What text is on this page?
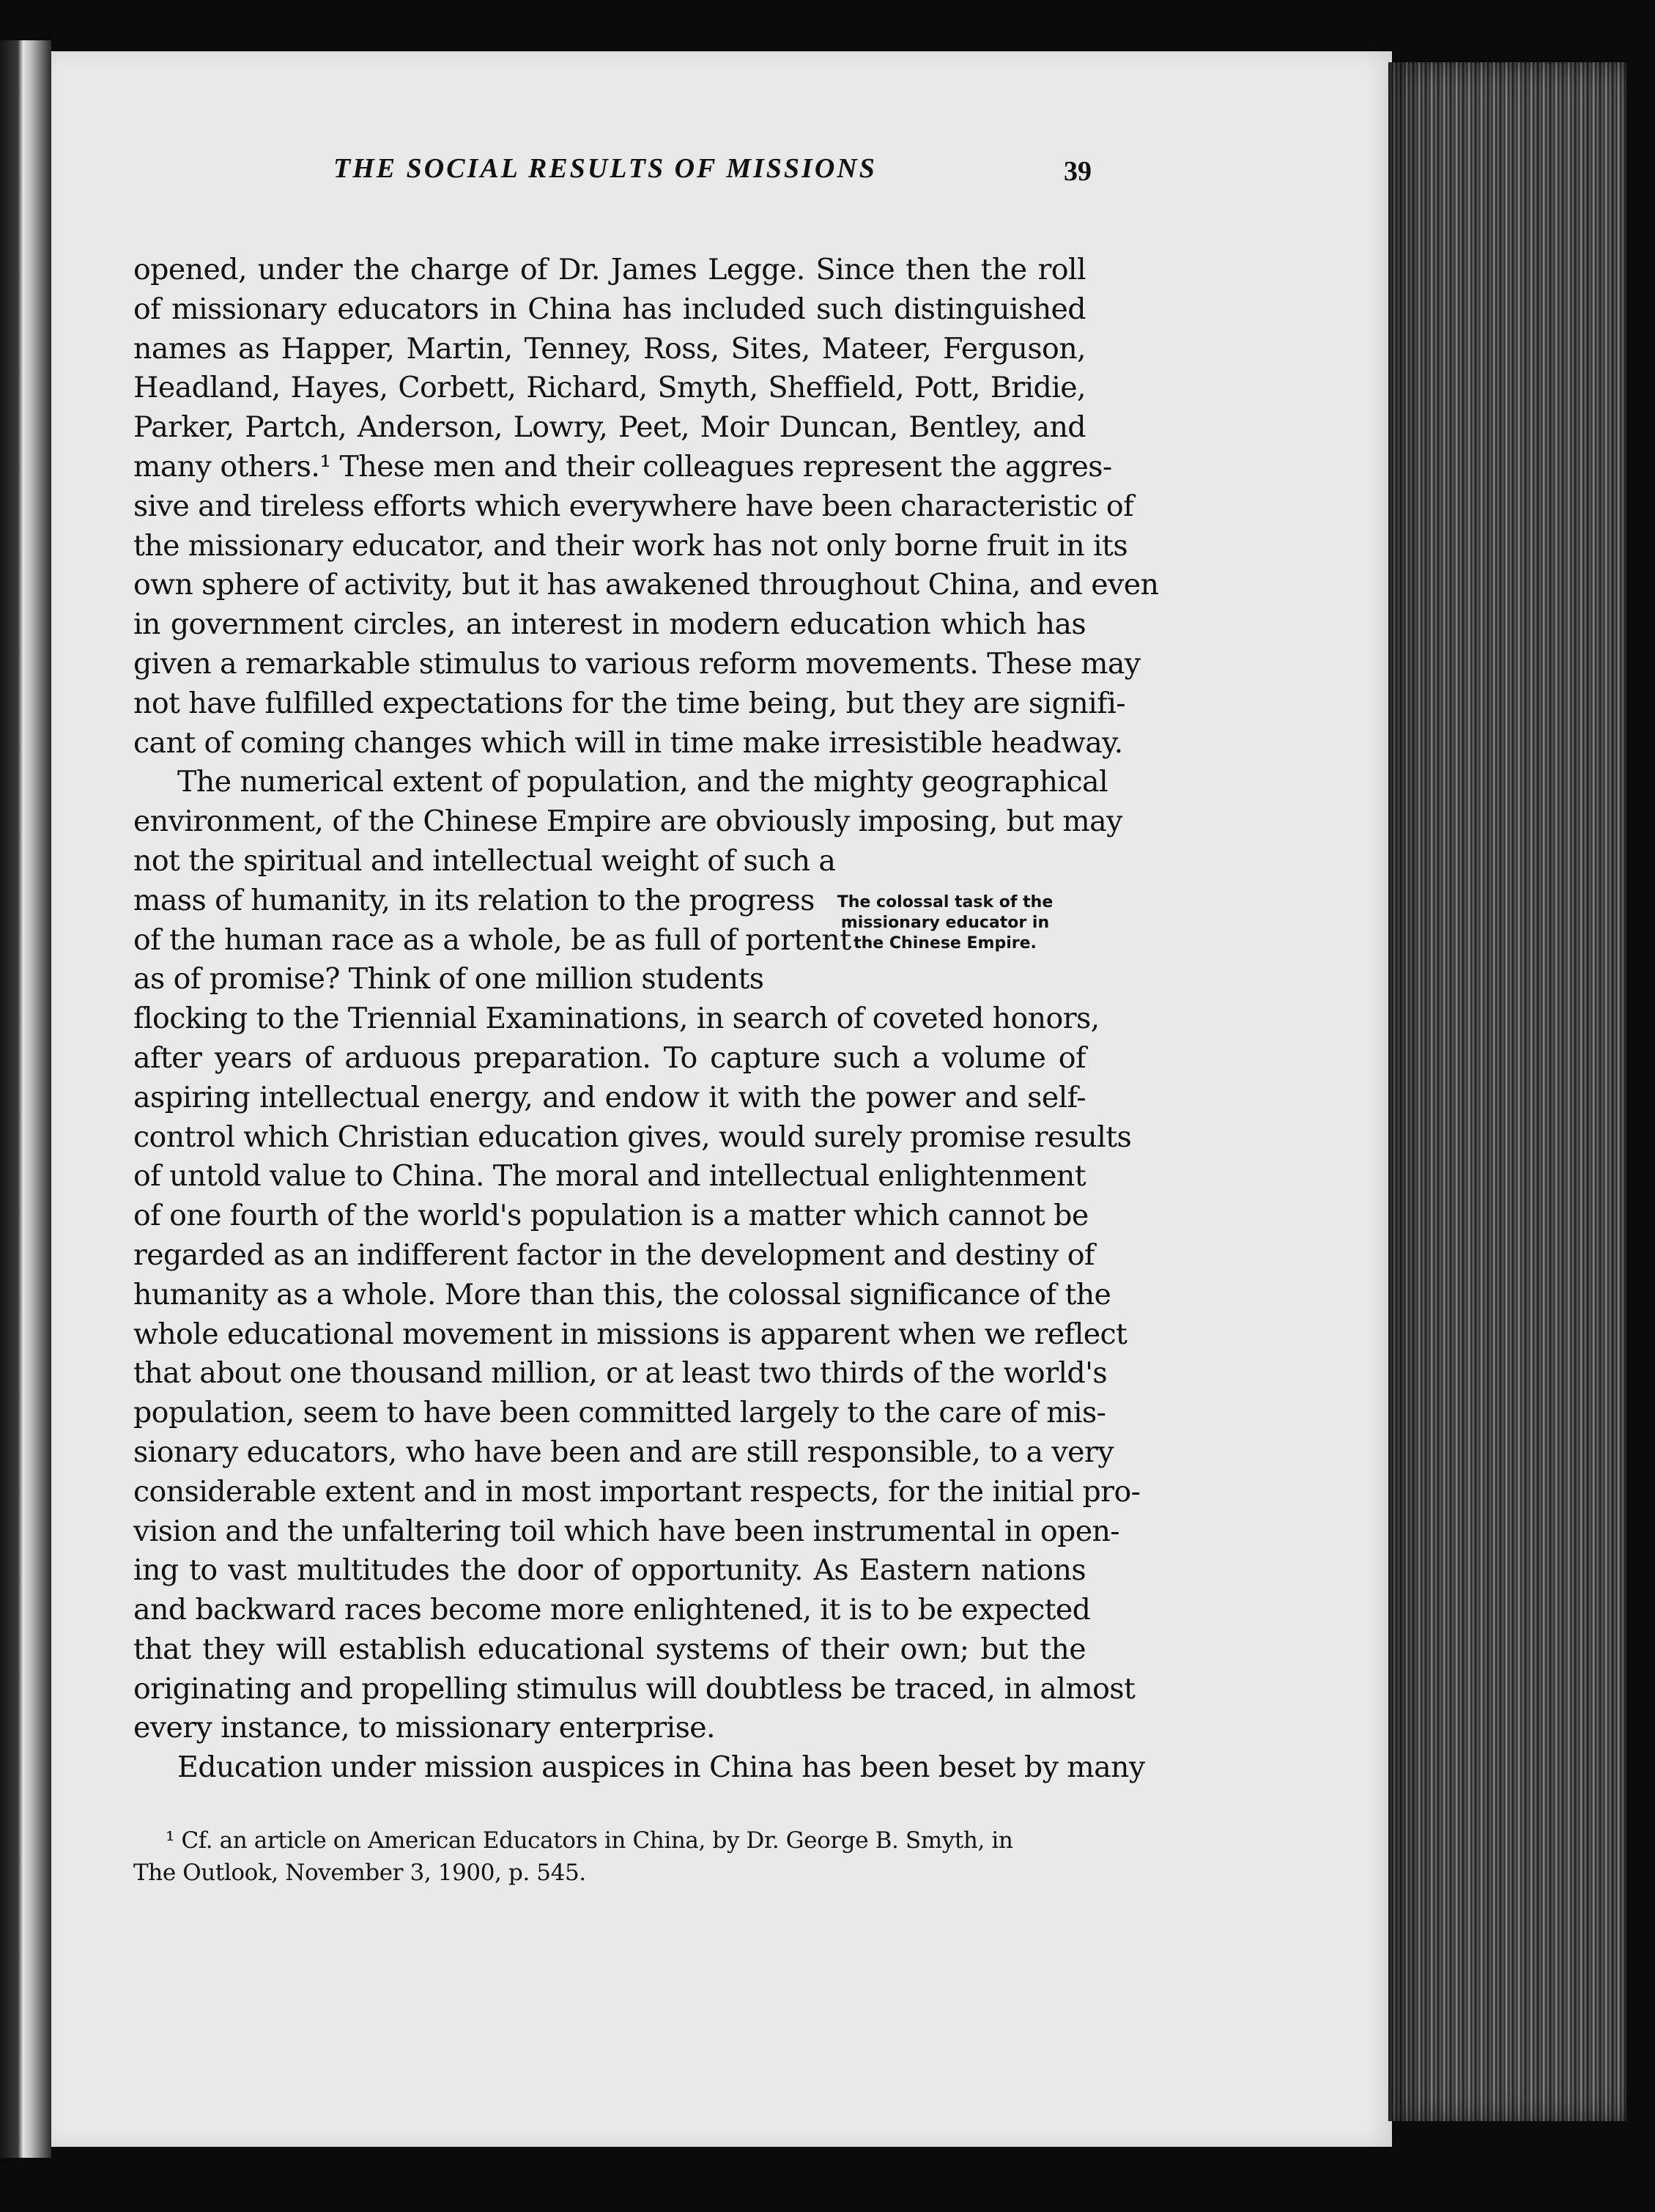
THE SOCIAL RESULTS OF MISSIONS	39
opened, under the charge of Dr. James Legge. Since then the roll
of missionary educators in China has included such distinguished
names as Happer, Martin, Tenney, Ross, Sites, Mateer, Ferguson,
Headland, Hayes, Corbett, Richard, Smyth, Sheffield, Pott, Bridie,
Parker, Partch, Anderson, Lowry, Peet, Moir Duncan, Bentley, and
many others.¹ These men and their colleagues represent the aggres-
sive and tireless efforts which everywhere have been characteristic of
the missionary educator, and their work has not only borne fruit in its
own sphere of activity, but it has awakened throughout China, and even
in government circles, an interest in modern education which has
given a remarkable stimulus to various reform movements. These may
not have fulfilled expectations for the time being, but they are signifi-
cant of coming changes which will in time make irresistible headway.
The numerical extent of population, and the mighty geographical
environment, of the Chinese Empire are obviously imposing, but may
not the spiritual and intellectual weight of such a
mass of humanity, in its relation to the progress
of the human race as a whole, be as full of portent
as of promise? Think of one million students
flocking to the Triennial Examinations, in search of coveted honors,
after years of arduous preparation. To capture such a volume of
aspiring intellectual energy, and endow it with the power and self-
control which Christian education gives, would surely promise results
of untold value to China. The moral and intellectual enlightenment
of one fourth of the world's population is a matter which cannot be
regarded as an indifferent factor in the development and destiny of
humanity as a whole. More than this, the colossal significance of the
whole educational movement in missions is apparent when we reflect
that about one thousand million, or at least two thirds of the world's
population, seem to have been committed largely to the care of mis-
sionary educators, who have been and are still responsible, to a very
considerable extent and in most important respects, for the initial pro-
vision and the unfaltering toil which have been instrumental in open-
ing to vast multitudes the door of opportunity. As Eastern nations
and backward races become more enlightened, it is to be expected
that they will establish educational systems of their own; but the
originating and propelling stimulus will doubtless be traced, in almost
every instance, to missionary enterprise.
Education under mission auspices in China has been beset by many
The colossal task of the
missionary educator in
the Chinese Empire.
¹ Cf. an article on American Educators in China, by Dr. George B. Smyth, in
The Outlook, November 3, 1900, p. 545.
